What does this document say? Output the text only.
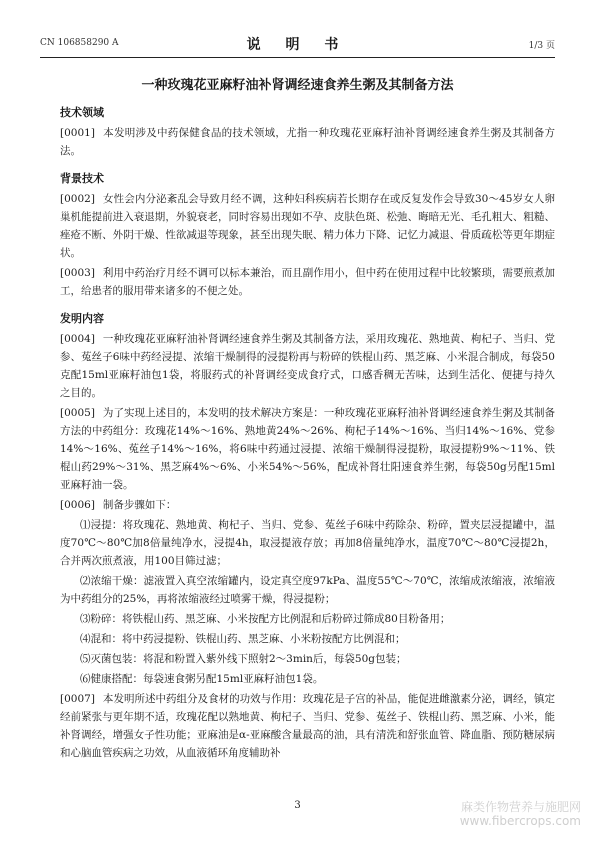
CN 106858290 A	说 明 书	1/3 页
一种玫瑰花亚麻籽油补肾调经速食养生粥及其制备方法
技术领域

[0001] 本发明涉及中药保健食品的技术领域，尤指一种玫瑰花亚麻籽油补肾调经速食养生粥及其制备方法。

背景技术

[0002] 女性会内分泌紊乱会导致月经不调，这种妇科疾病若长期存在或反复发作会导致30～45岁女人卵巢机能提前进入衰退期，外貌衰老，同时容易出现如不孕、皮肤色斑、松弛、晦暗无光、毛孔粗大、粗糙、痤疮不断、外阴干燥、性欲减退等现象，甚至出现失眠、精力体力下降、记忆力减退、骨质疏松等更年期症状。

[0003] 利用中药治疗月经不调可以标本兼治，而且副作用小，但中药在使用过程中比较繁琐，需要煎煮加工，给患者的服用带来诸多的不便之处。

发明内容

[0004] 一种玫瑰花亚麻籽油补肾调经速食养生粥及其制备方法，采用玫瑰花、熟地黄、枸杞子、当归、党参、菟丝子6味中药经浸提、浓缩干燥制得的浸提粉再与粉碎的铁棍山药、黑芝麻、小米混合制成，每袋50克配15ml亚麻籽油包1袋，将服药式的补肾调经变成食疗式，口感香稠无苦味，达到生活化、便捷与持久之目的。

[0005] 为了实现上述目的，本发明的技术解决方案是：一种玫瑰花亚麻籽油补肾调经速食养生粥及其制备方法的中药组分：玫瑰花14%～16%、熟地黄24%～26%、枸杞子14%～16%、当归14%～16%、党参14%～16%、菟丝子14%～16%，将6味中药通过浸提、浓缩干燥制得浸提粉，取浸提粉9%～11%、铁棍山药29%～31%、黑芝麻4%～6%、小米54%～56%，配成补肾壮阳速食养生粥，每袋50g另配15ml亚麻籽油一袋。

[0006] 制备步骤如下：

⑴浸提：将玫瑰花、熟地黄、枸杞子、当归、党参、菟丝子6味中药除杂、粉碎，置夹层浸提罐中，温度70℃～80℃加8倍量纯净水，浸提4h，取浸提液存放；再加8倍量纯净水，温度70℃～80℃浸提2h，合并两次煎煮液，用100目筛过滤；

⑵浓缩干燥：滤液置入真空浓缩罐内，设定真空度97kPa、温度55℃～70℃，浓缩成浓缩液，浓缩液为中药组分的25%，再将浓缩液经过喷雾干燥，得浸提粉；

⑶粉碎：将铁棍山药、黑芝麻、小米按配方比例混和后粉碎过筛成80目粉备用；

⑷混和：将中药浸提粉、铁棍山药、黑芝麻、小米粉按配方比例混和；

⑸灭菌包装：将混和粉置入紫外线下照射2～3min后，每袋50g包装；

⑹健康搭配：每袋速食粥另配15ml亚麻籽油包1袋。

[0007] 本发明所述中药组分及食材的功效与作用：玫瑰花是子宫的补品，能促进雌激素分泌，调经，镇定经前紧张与更年期不适，玫瑰花配以熟地黄、枸杞子、当归、党参、菟丝子、铁棍山药、黑芝麻、小米，能补肾调经，增强女子性功能；亚麻油是α-亚麻酸含量最高的油，具有清洗和舒张血管、降血脂、预防糖尿病和心脑血管疾病之功效，从血液循环角度辅助补

3	麻类作物营养与施肥网
www.fibercrops.com
